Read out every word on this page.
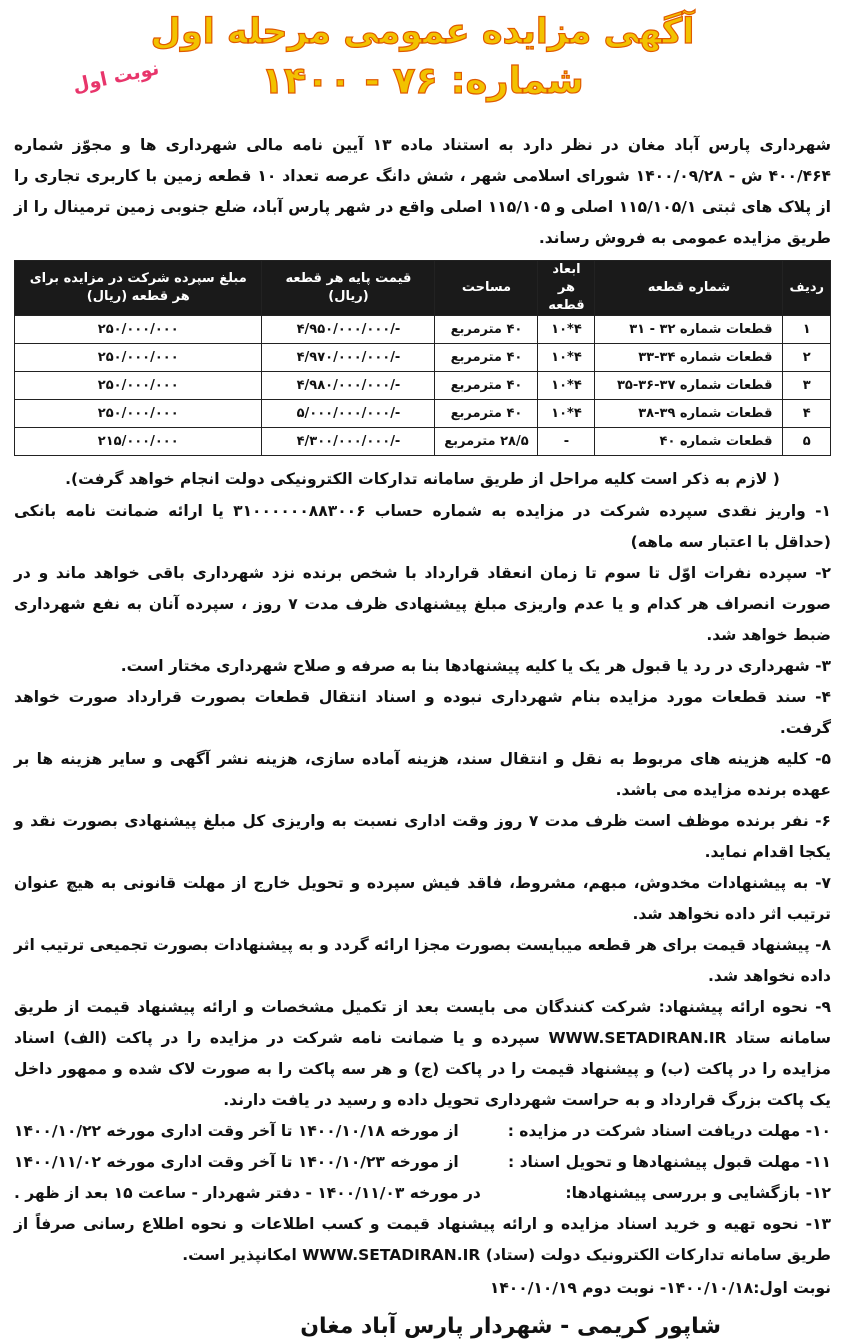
آگهی مزایده عمومی مرحله اول
شماره: ۷۶ - ۱۴۰۰
نوبت اول

شهرداری پارس آباد مغان در نظر دارد به استناد ماده ۱۳ آیین نامه مالی شهرداری ها و مجوّز شماره ۴۰۰/۴۶۴ ش - ۱۴۰۰/۰۹/۲۸ شورای اسلامی شهر ، شش دانگ عرصه تعداد ۱۰ قطعه زمین با کاربری تجاری را از پلاک های ثبتی ۱۱۵/۱۰۵/۱ اصلی و ۱۱۵/۱۰۵ اصلی واقع در شهر پارس آباد، ضلع جنوبی زمین ترمینال را از طریق مزایده عمومی به فروش رساند.

ردیف	شماره قطعه	ابعاد هر قطعه	مساحت	قیمت پایه هر قطعه (ریال)	مبلغ سپرده شرکت در مزایده برای هر قطعه (ریال)
۱	قطعات شماره ۳۲ - ۳۱	۴*۱۰	۴۰ مترمربع	-/۴/۹۵۰/۰۰۰/۰۰۰	۲۵۰/۰۰۰/۰۰۰
۲	قطعات شماره ۳۴-۳۳	۴*۱۰	۴۰ مترمربع	-/۴/۹۷۰/۰۰۰/۰۰۰	۲۵۰/۰۰۰/۰۰۰
۳	قطعات شماره ۳۷-۳۶-۳۵	۴*۱۰	۴۰ مترمربع	-/۴/۹۸۰/۰۰۰/۰۰۰	۲۵۰/۰۰۰/۰۰۰
۴	قطعات شماره ۳۹-۳۸	۴*۱۰	۴۰ مترمربع	-/۵/۰۰۰/۰۰۰/۰۰۰	۲۵۰/۰۰۰/۰۰۰
۵	قطعات شماره ۴۰	-	۲۸/۵ مترمربع	-/۴/۳۰۰/۰۰۰/۰۰۰	۲۱۵/۰۰۰/۰۰۰

( لازم به ذکر است کلیه مراحل از طریق سامانه تدارکات الکترونیکی دولت انجام خواهد گرفت).

۱- واریز نقدی سپرده شرکت در مزایده به شماره حساب ۳۱۰۰۰۰۰۰۸۸۳۰۰۶ یا ارائه ضمانت نامه بانکی (حداقل با اعتبار سه ماهه)

۲- سپرده نفرات اوّل تا سوم تا زمان انعقاد قرارداد با شخص برنده نزد شهرداری باقی خواهد ماند و در صورت انصراف هر کدام و یا عدم واریزی مبلغ پیشنهادی ظرف مدت ۷ روز ، سپرده آنان به نفع شهرداری ضبط خواهد شد.

۳- شهرداری در رد یا قبول هر یک یا کلیه پیشنهادها بنا به صرفه و صلاح شهرداری مختار است.

۴- سند قطعات مورد مزایده بنام شهرداری نبوده و اسناد انتقال قطعات بصورت قرارداد صورت خواهد گرفت.

۵- کلیه هزینه های مربوط به نقل و انتقال سند، هزینه آماده سازی، هزینه نشر آگهی و سایر هزینه ها بر عهده برنده مزایده می باشد.

۶- نفر برنده موظف است ظرف مدت ۷ روز وقت اداری نسبت به واریزی کل مبلغ پیشنهادی بصورت نقد و یکجا اقدام نماید.

۷- به پیشنهادات مخدوش، مبهم، مشروط، فاقد فیش سپرده و تحویل خارج از مهلت قانونی به هیچ عنوان ترتیب اثر داده نخواهد شد.

۸- پیشنهاد قیمت برای هر قطعه میبایست بصورت مجزا ارائه گردد و به پیشنهادات بصورت تجمیعی ترتیب اثر داده نخواهد شد.

۹- نحوه ارائه پیشنهاد: شرکت کنندگان می بایست بعد از تکمیل مشخصات و ارائه پیشنهاد قیمت از طریق سامانه ستاد WWW.SETADIRAN.IR سپرده و یا ضمانت نامه شرکت در مزایده را در پاکت (الف) اسناد مزایده را در پاکت (ب) و پیشنهاد قیمت را در پاکت (ج) و هر سه پاکت را به صورت لاک شده و ممهور داخل یک پاکت بزرگ قرارداد و به حراست شهرداری تحویل داده و رسید در یافت دارند.

۱۰- مهلت دریافت اسناد شرکت در مزایده :
از مورخه ۱۴۰۰/۱۰/۱۸ تا آخر وقت اداری مورخه ۱۴۰۰/۱۰/۲۲
۱۱- مهلت قبول پیشنهادها و تحویل اسناد :
از مورخه ۱۴۰۰/۱۰/۲۳ تا آخر وقت اداری مورخه ۱۴۰۰/۱۱/۰۲
۱۲- بازگشایی و بررسی پیشنهادها:
در مورخه ۱۴۰۰/۱۱/۰۳ - دفتر شهردار - ساعت ۱۵ بعد از ظهر .

۱۳- نحوه تهیه و خرید اسناد مزایده و ارائه پیشنهاد قیمت و کسب اطلاعات و نحوه اطلاع رسانی صرفاً از طریق سامانه تدارکات الکترونیک دولت (ستاد) WWW.SETADIRAN.IR امکانپذیر است.

نوبت اول:۱۴۰۰/۱۰/۱۸- نوبت دوم ۱۴۰۰/۱۰/۱۹

شاپور کریمی - شهردار پارس آباد مغان
